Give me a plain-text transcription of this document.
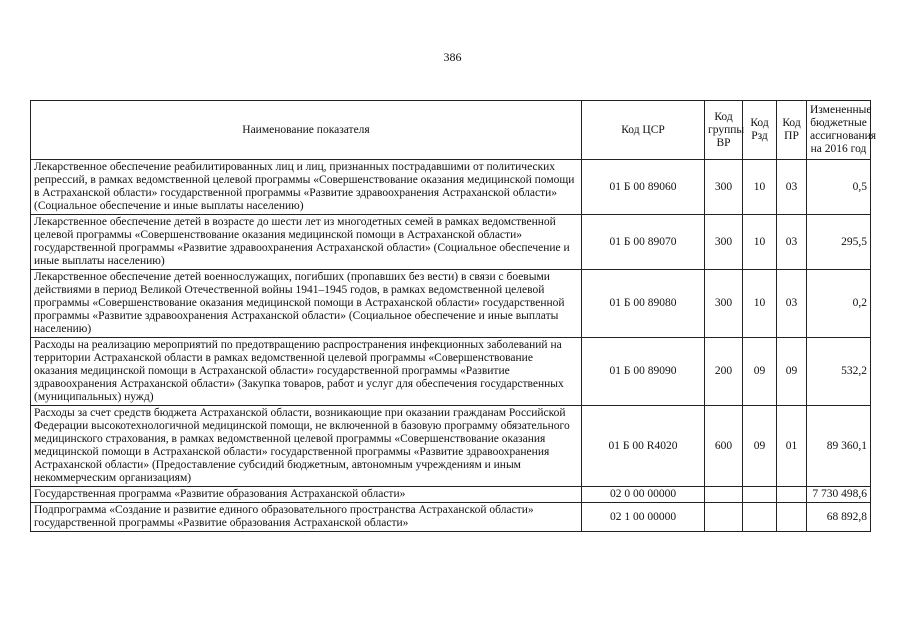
386
Наименование показателя	Код ЦСР	Код группы ВР	Код Рзд	Код ПР	Измененные бюджетные ассигнования на 2016 год
Лекарственное обеспечение реабилитированных лиц и лиц, признанных пострадавшими от политических репрессий, в рамках ведомственной целевой программы «Совершенствование оказания медицинской помощи в Астраханской области» государственной программы «Развитие здравоохранения Астраханской области» (Социальное обеспечение и иные выплаты населению)	01 Б 00 89060	300	10	03	0,5
Лекарственное обеспечение детей в возрасте до шести лет из многодетных семей в рамках ведомственной целевой программы «Совершенствование оказания медицинской помощи в Астраханской области» государственной программы «Развитие здравоохранения Астраханской области» (Социальное обеспечение и иные выплаты населению)	01 Б 00 89070	300	10	03	295,5
Лекарственное обеспечение детей военнослужащих, погибших (пропавших без вести) в связи с боевыми действиями в период Великой Отечественной войны 1941–1945 годов, в рамках ведомственной целевой программы «Совершенствование оказания медицинской помощи в Астраханской области» государственной программы «Развитие здравоохранения Астраханской области» (Социальное обеспечение и иные выплаты населению)	01 Б 00 89080	300	10	03	0,2
Расходы на реализацию мероприятий по предотвращению распространения инфекционных заболеваний на территории Астраханской области в рамках ведомственной целевой программы «Совершенствование оказания медицинской помощи в Астраханской области» государственной программы «Развитие здравоохранения Астраханской области» (Закупка товаров, работ и услуг для обеспечения государственных (муниципальных) нужд)	01 Б 00 89090	200	09	09	532,2
Расходы за счет средств бюджета Астраханской области, возникающие при оказании гражданам Российской Федерации высокотехнологичной медицинской помощи, не включенной в базовую программу обязательного медицинского страхования, в рамках ведомственной целевой программы «Совершенствование оказания медицинской помощи в Астраханской области» государственной программы «Развитие здравоохранения Астраханской области» (Предоставление субсидий бюджетным, автономным учреждениям и иным некоммерческим организациям)	01 Б 00 R4020	600	09	01	89 360,1
Государственная программа «Развитие образования Астраханской области»	02 0 00 00000				7 730 498,6
Подпрограмма «Создание и развитие единого образовательного пространства Астраханской области» государственной программы «Развитие образования Астраханской области»	02 1 00 00000				68 892,8
